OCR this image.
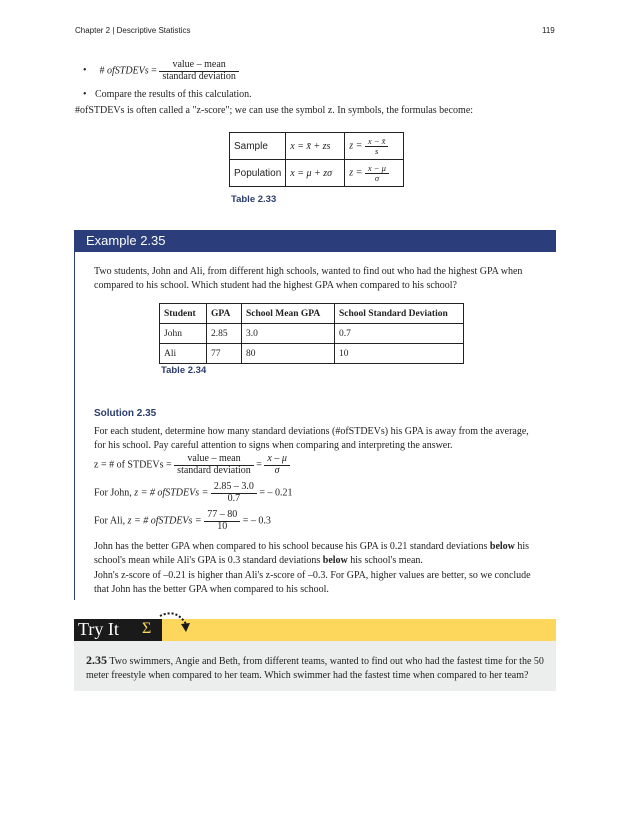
Chapter 2 | Descriptive Statistics	119
• # ofSTDEVs = $\frac{\text{value – mean}}{\text{standard deviation}}$
• Compare the results of this calculation.
#ofSTDEVs is often called a "z-score"; we can use the symbol z. In symbols, the formulas become:
Sample	x = x̄ + zs	$z = \frac{x - x̄}{s}$

Population	x = μ + zσ	$z = \frac{x - \mu}{\sigma}$
Table 2.33
Example 2.35
Two students, John and Ali, from different high schools, wanted to find out who had the highest GPA when compared to his school. Which student had the highest GPA when compared to his school?
Student	GPA	School Mean GPA	School Standard Deviation
John	2.85	3.0	0.7
Ali	77	80	10
Table 2.34
Solution 2.35
For each student, determine how many standard deviations (#ofSTDEVs) his GPA is away from the average, for his school. Pay careful attention to signs when comparing and interpreting the answer.
z = # of STDEVs = $\frac{\text{value – mean}}{\text{standard deviation}} = \frac{x - \mu}{\sigma}$
For John, z = # ofSTDEVs = $\frac{2.85 - 3.0}{0.7}$ = – 0.21
For Ali, z = # ofSTDEVs = $\frac{77 - 80}{10}$ = – 0.3
John has the better GPA when compared to his school because his GPA is 0.21 standard deviations below his school's mean while Ali's GPA is 0.3 standard deviations below his school's mean.
John's z-score of –0.21 is higher than Ali's z-score of –0.3. For GPA, higher values are better, so we conclude that John has the better GPA when compared to his school.
Try It Σ
2.35 Two swimmers, Angie and Beth, from different teams, wanted to find out who had the fastest time for the 50 meter freestyle when compared to her team. Which swimmer had the fastest time when compared to her team?
